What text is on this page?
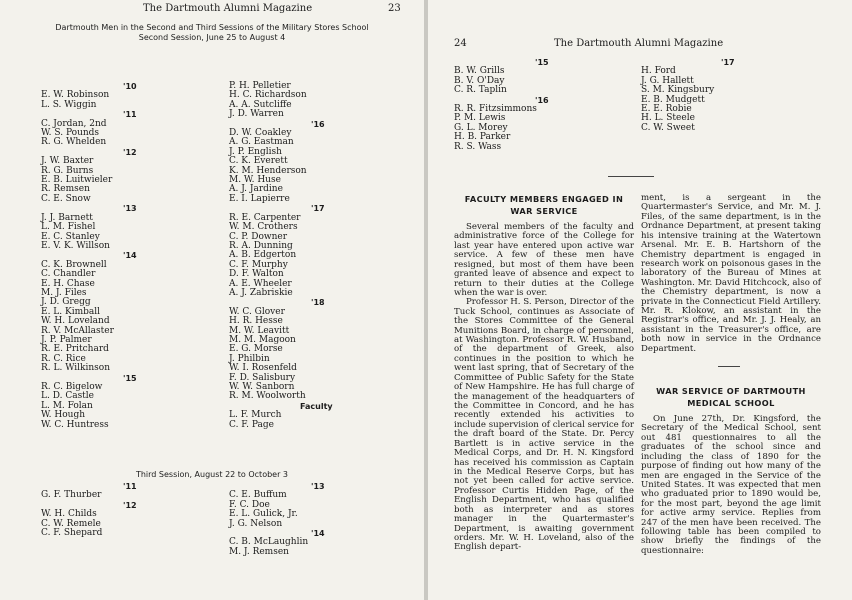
The Dartmouth Alumni Magazine	23
Dartmouth Men in the Second and Third Sessions of the Military Stores School
Second Session, June 25 to August 4
'10
E. W. Robinson
L. S. Wiggin
'11
C. Jordan, 2nd
W. S. Pounds
R. G. Whelden
'12
J. W. Baxter
R. G. Burns
E. B. Luitwieler
R. Remsen
C. E. Snow
'13
J. J. Barnett
L. M. Fishel
E. C. Stanley
E. V. K. Willson
'14
C. K. Brownell
C. Chandler
E. H. Chase
M. J. Files
J. D. Gregg
E. L. Kimball
W. H. Loveland
R. V. McAllaster
J. P. Palmer
R. E. Pritchard
R. C. Rice
R. L. Wilkinson
'15
R. C. Bigelow
L. D. Castle
L. M. Folan
W. Hough
W. C. Huntress
P. H. Pelletier
H. C. Richardson
A. A. Sutcliffe
J. D. Warren
'16
D. W. Coakley
A. G. Eastman
J. P. English
C. K. Everett
K. M. Henderson
M. W. Huse
A. J. Jardine
E. I. Lapierre
'17
R. E. Carpenter
W. M. Crothers
C. P. Downer
R. A. Dunning
A. B. Edgerton
C. F. Murphy
D. F. Walton
A. E. Wheeler
A. J. Zabriskie
'18
W. C. Glover
H. R. Hesse
M. W. Leavitt
M. M. Magoon
E. G. Morse
J. Philbin
W. I. Rosenfeld
F. D. Salisbury
W. W. Sanborn
R. M. Woolworth
Faculty
L. F. Murch
C. F. Page
Third Session, August 22 to October 3
'11
G. F. Thurber
'12
W. H. Childs
C. W. Remele
C. F. Shepard
'13
C. E. Buffum
F. C. Doe
E. L. Gulick, Jr.
J. G. Nelson
'14
C. B. McLaughlin
M. J. Remsen
24	The Dartmouth Alumni Magazine
'15
B. W. Grills
B. V. O'Day
C. R. Taplin
'16
R. R. Fitzsimmons
P. M. Lewis
G. L. Morey
H. B. Parker
R. S. Wass
'17
H. Ford
J. G. Hallett
S. M. Kingsbury
E. B. Mudgett
E. E. Robie
H. L. Steele
C. W. Sweet
FACULTY MEMBERS ENGAGED IN WAR SERVICE

Several members of the faculty and administrative force of the College for last year have entered upon active war service. A few of these men have resigned, but most of them have been granted leave of absence and expect to return to their duties at the College when the war is over.

Professor H. S. Person, Director of the Tuck School, continues as Associate of the Stores Committee of the General Munitions Board, in charge of personnel, at Washington. Professor R. W. Husband, of the department of Greek, also continues in the position to which he went last spring, that of Secretary of the Committee of Public Safety for the State of New Hampshire. He has full charge of the management of the headquarters of the Committee in Concord, and he has recently extended his activities to include supervision of clerical service for the draft board of the State. Dr. Percy Bartlett is in active service in the Medical Corps, and Dr. H. N. Kingsford has received his commission as Captain in the Medical Reserve Corps, but has not yet been called for active service. Professor Curtis Hidden Page, of the English Department, who has qualified both as interpreter and as stores manager in the Quartermaster's Department, is awaiting government orders. Mr. W. H. Loveland, also of the English depart-

ment, is a sergeant in the Quartermaster's Service, and Mr. M. J. Files, of the same department, is in the Ordnance Department, at present taking his intensive training at the Watertown Arsenal. Mr. E. B. Hartshorn of the Chemistry department is engaged in research work on poisonous gases in the laboratory of the Bureau of Mines at Washington. Mr. David Hitchcock, also of the Chemistry department, is now a private in the Connecticut Field Artillery. Mr. R. Klokow, an assistant in the Registrar's office, and Mr. J. J. Healy, an assistant in the Treasurer's office, are both now in service in the Ordnance Department.

WAR SERVICE OF DARTMOUTH MEDICAL SCHOOL

On June 27th, Dr. Kingsford, the Secretary of the Medical School, sent out 481 questionnaires to all the graduates of the school since and including the class of 1890 for the purpose of finding out how many of the men are engaged in the Service of the United States. It was expected that men who graduated prior to 1890 would be, for the most part, beyond the age limit for active army service. Replies from 247 of the men have been received. The following table has been compiled to show briefly the findings of the questionnaire:
